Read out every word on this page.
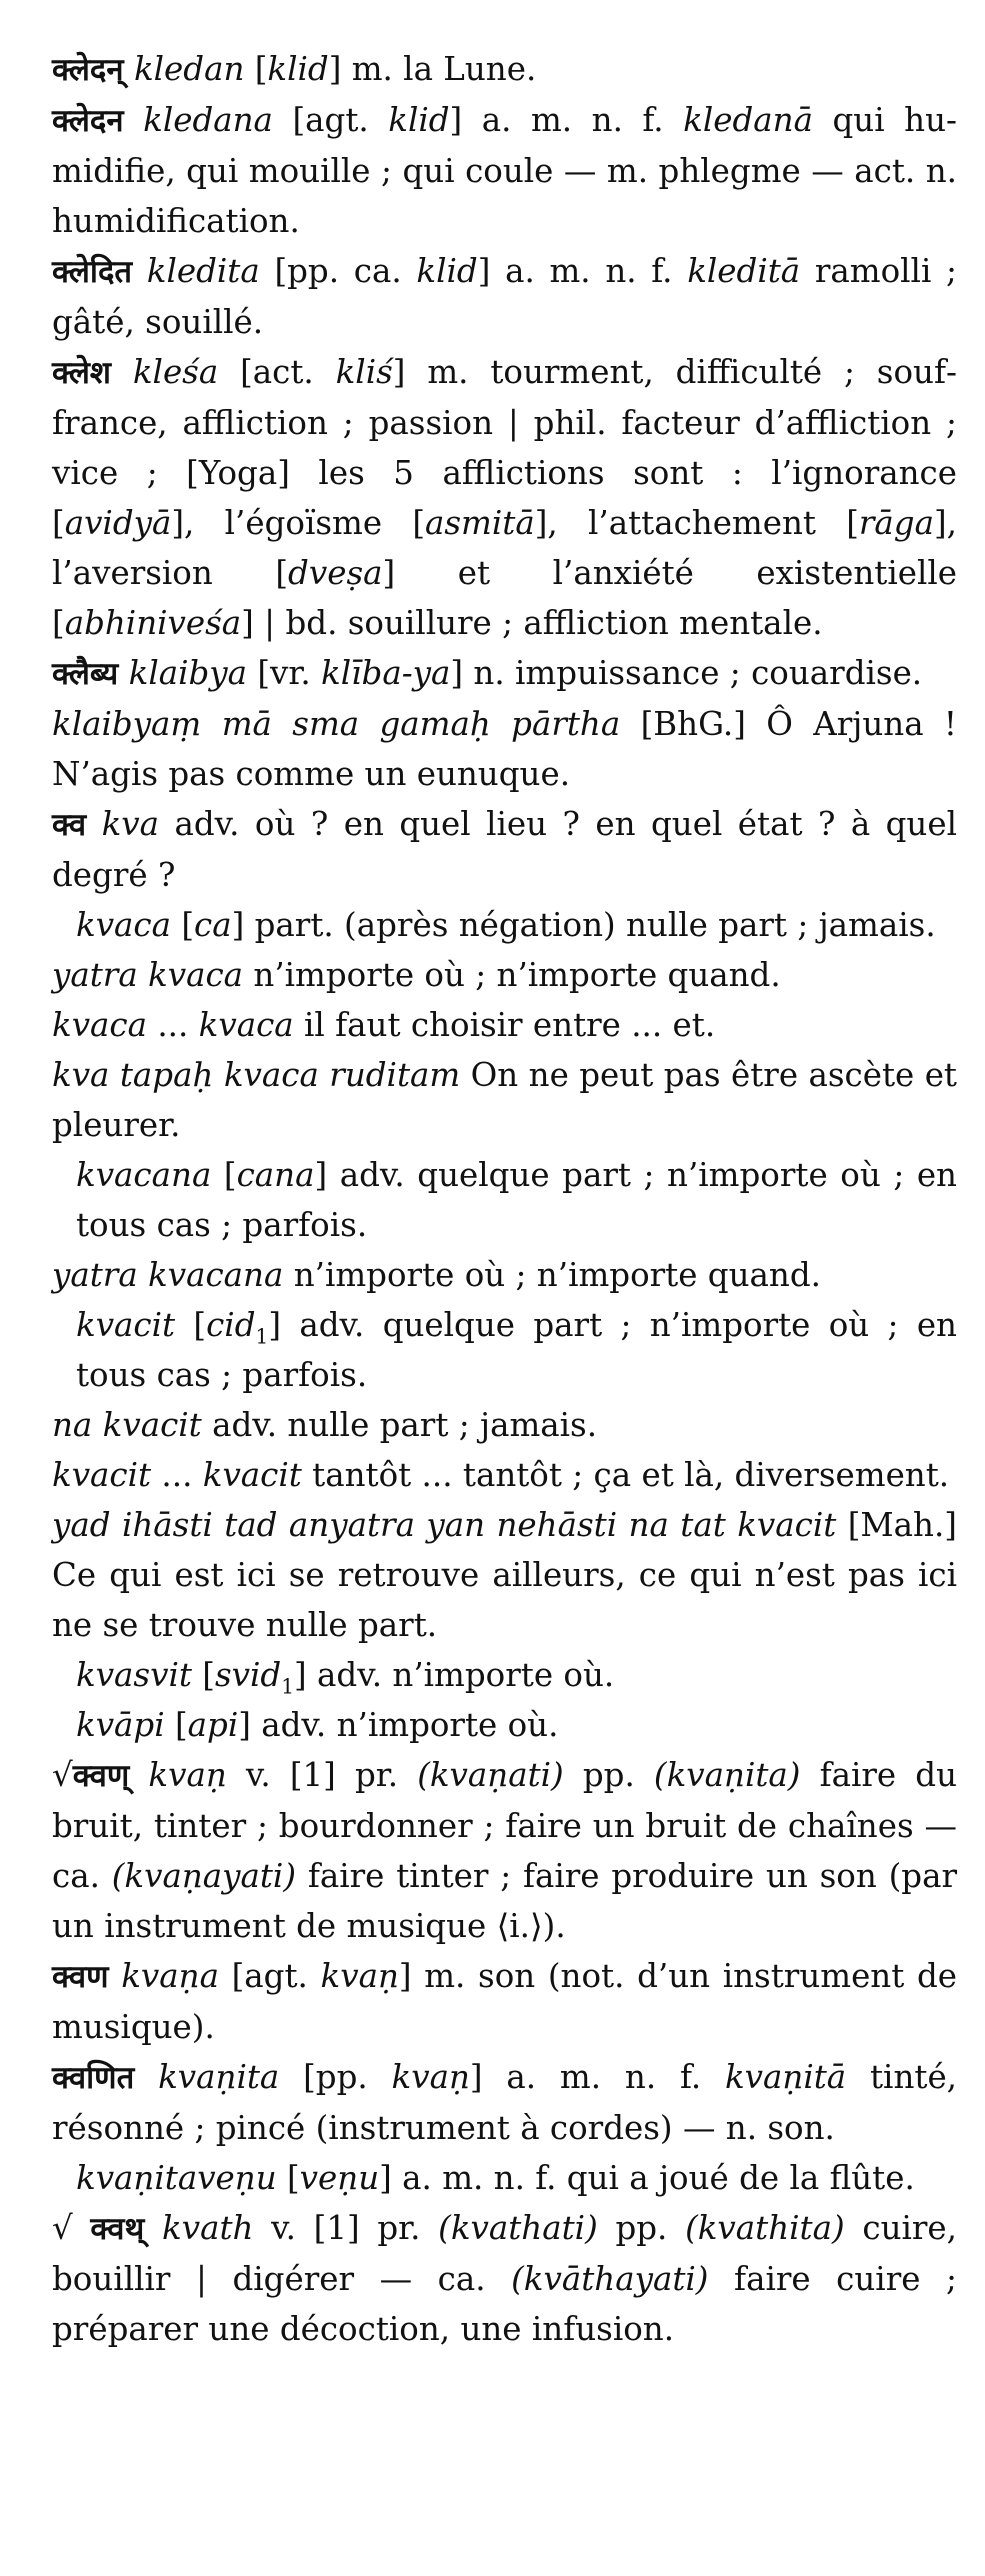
क्लेदन् kledan [klid] m. la Lune.

क्लेदन kledana [agt. klid] a. m. n. f. kledanā qui humidifie, qui mouille ; qui coule — m. phlegme — act. n. humidification.

क्लेदित kledita [pp. ca. klid] a. m. n. f. kleditā ramolli ; gâté, souillé.

क्लेश kleśa [act. kliś] m. tourment, difficulté ; souffrance, affliction ; passion | phil. facteur d’affliction ; vice ; [Yoga] les 5 afflictions sont : l’ignorance [avidyā], l’égoïsme [asmitā], l’attachement [rāga], l’aversion [dveṣa] et l’anxiété existentielle [abhiniveśa] | bd. souillure ; affliction mentale.

क्लैब्य klaibya [vr. klība-ya] n. impuissance ; couardise.

klaibyaṃ mā sma gamaḥ pārtha [BhG.] Ô Arjuna ! N’agis pas comme un eunuque.

क्व kva adv. où ? en quel lieu ? en quel état ? à quel degré ?

kvaca [ca] part. (après négation) nulle part ; jamais.

yatra kvaca n’importe où ; n’importe quand.

kvaca ... kvaca il faut choisir entre ... et.

kva tapaḥ kvaca ruditam On ne peut pas être ascète et pleurer.

kvacana [cana] adv. quelque part ; n’importe où ; en tous cas ; parfois.

yatra kvacana n’importe où ; n’importe quand.

kvacit [cid$_1$] adv. quelque part ; n’importe où ; en tous cas ; parfois.

na kvacit adv. nulle part ; jamais.

kvacit ... kvacit tantôt ... tantôt ; ça et là, diversement.

yad ihāsti tad anyatra yan nehāsti na tat kvacit [Mah.] Ce qui est ici se retrouve ailleurs, ce qui n’est pas ici ne se trouve nulle part.

kvasvit [svid$_1$] adv. n’importe où.

kvāpi [api] adv. n’importe où.

√क्वण् kvaṇ v. [1] pr. (kvaṇati) pp. (kvaṇita) faire du bruit, tinter ; bourdonner ; faire un bruit de chaînes — ca. (kvaṇayati) faire tinter ; faire produire un son (par un instrument de musique ⟨i.⟩).

क्वण kvaṇa [agt. kvaṇ] m. son (not. d’un instrument de musique).

क्वणित kvaṇita [pp. kvaṇ] a. m. n. f. kvaṇitā tinté, résonné ; pincé (instrument à cordes) — n. son.

kvaṇitaveṇu [veṇu] a. m. n. f. qui a joué de la flûte.

√ क्वथ् kvath v. [1] pr. (kvathati) pp. (kvathita) cuire, bouillir | digérer — ca. (kvāthayati) faire cuire ; préparer une décoction, une infusion.
